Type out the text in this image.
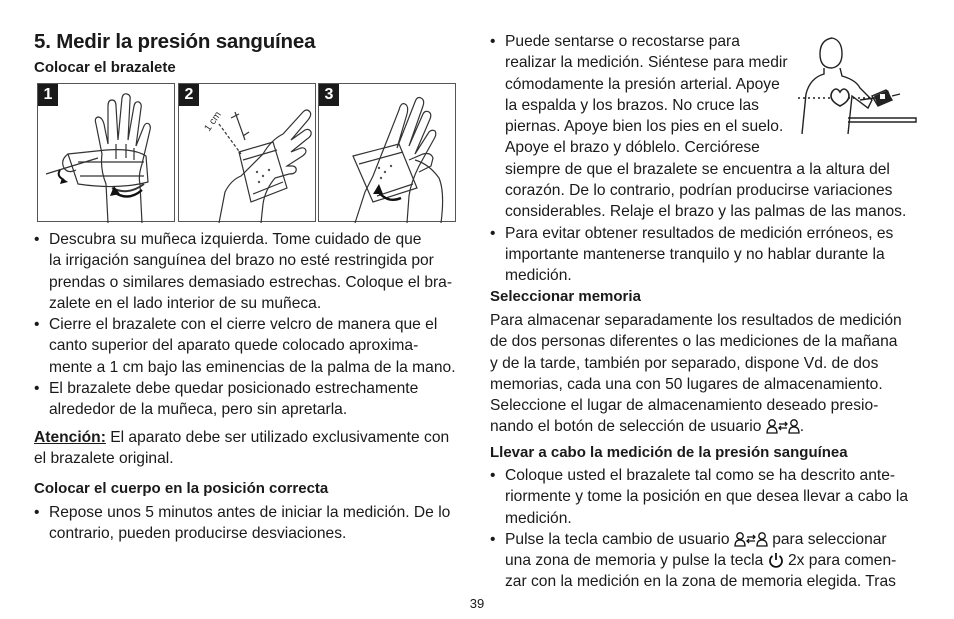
5. Medir la presión sanguínea
Colocar el brazalete
1
1 cm
2	3
• Descubra su muñeca izquierda. Tome cuidado de que
la irrigación sanguínea del brazo no esté restringida por
prendas o similares demasiado estrechas. Coloque el bra-
zalete en el lado interior de su muñeca.
• Cierre el brazalete con el cierre velcro de manera que el
canto superior del aparato quede colocado aproxima-
mente a 1 cm bajo las eminencias de la palma de la mano.
• El brazalete debe quedar posicionado estrechamente
alrededor de la muñeca, pero sin apretarla.

Atención: El aparato debe ser utilizado exclusivamente con

el brazalete original.

Colocar el cuerpo en la posición correcta
• Repose unos 5 minutos antes de iniciar la medición. De lo
contrario, pueden producirse desviaciones.
• Puede sentarse o recostarse para
realizar la medición. Siéntese para medir
cómodamente la presión arterial. Apoye
la espalda y los brazos. No cruce las
piernas. Apoye bien los pies en el suelo.
Apoye el brazo y dóblelo. Cerciórese
siempre de que el brazalete se encuentra a la altura del
corazón. De lo contrario, podrían producirse variaciones
considerables. Relaje el brazo y las palmas de las manos.
• Para evitar obtener resultados de medición erróneos, es
importante mantenerse tranquilo y no hablar durante la
medición.
Seleccionar memoria

Para almacenar separadamente los resultados de medición

de dos personas diferentes o las mediciones de la mañana

y de la tarde, también por separado, dispone Vd. de dos

memorias, cada una con 50 lugares de almacenamiento.

Seleccione el lugar de almacenamiento deseado presio-

nando el botón de selección de usuario .

Llevar a cabo la medición de la presión sanguínea
• Coloque usted el brazalete tal como se ha descrito ante-
riormente y tome la posición en que desea llevar a cabo la
medición.
• Pulse la tecla cambio de usuario  para seleccionar
una zona de memoria y pulse la tecla  2x para comen-
zar con la medición en la zona de memoria elegida. Tras
39
